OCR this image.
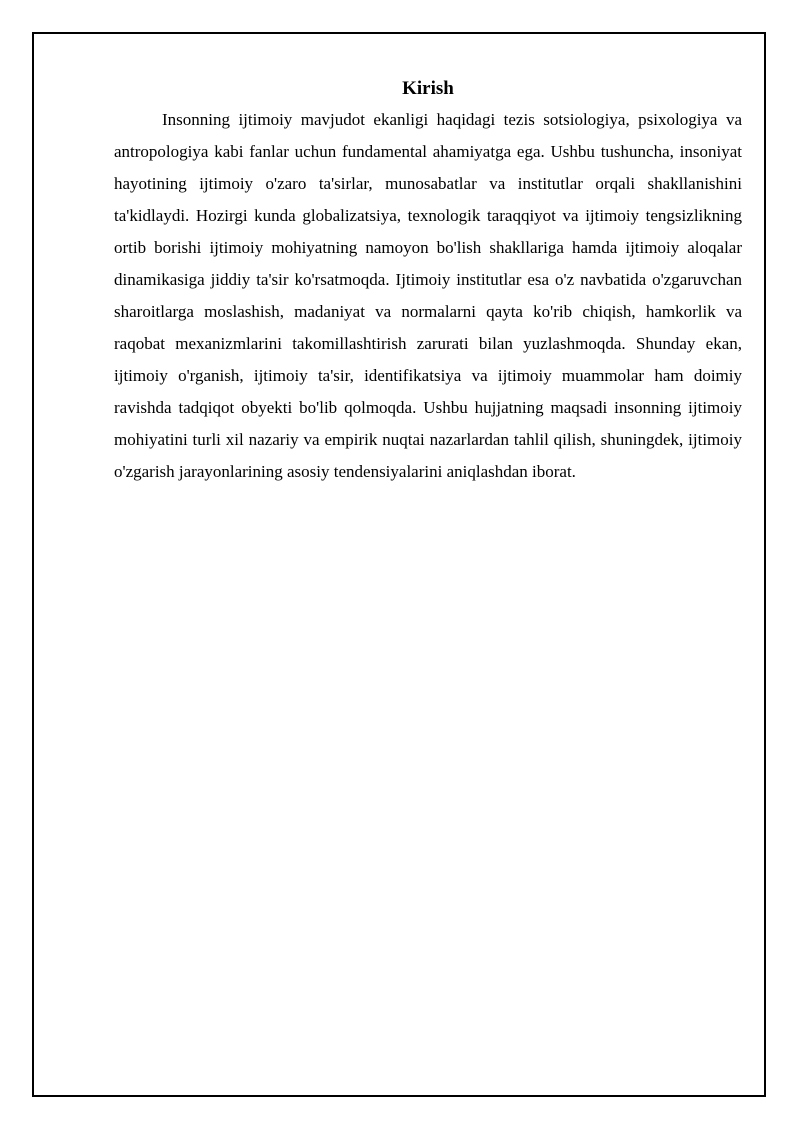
Kirish

Insonning ijtimoiy mavjudot ekanligi haqidagi tezis sotsiologiya, psixologiya va antropologiya kabi fanlar uchun fundamental ahamiyatga ega. Ushbu tushuncha, insoniyat hayotining ijtimoiy o'zaro ta'sirlar, munosabatlar va institutlar orqali shakllanishini ta'kidlaydi. Hozirgi kunda globalizatsiya, texnologik taraqqiyot va ijtimoiy tengsizlikning ortib borishi ijtimoiy mohiyatning namoyon bo'lish shakllariga hamda ijtimoiy aloqalar dinamikasiga jiddiy ta'sir ko'rsatmoqda. Ijtimoiy institutlar esa o'z navbatida o'zgaruvchan sharoitlarga moslashish, madaniyat va normalarni qayta ko'rib chiqish, hamkorlik va raqobat mexanizmlarini takomillashtirish zarurati bilan yuzlashmoqda. Shunday ekan, ijtimoiy o'rganish, ijtimoiy ta'sir, identifikatsiya va ijtimoiy muammolar ham doimiy ravishda tadqiqot obyekti bo'lib qolmoqda. Ushbu hujjatning maqsadi insonning ijtimoiy mohiyatini turli xil nazariy va empirik nuqtai nazarlardan tahlil qilish, shuningdek, ijtimoiy o'zgarish jarayonlarining asosiy tendensiyalarini aniqlashdan iborat.
